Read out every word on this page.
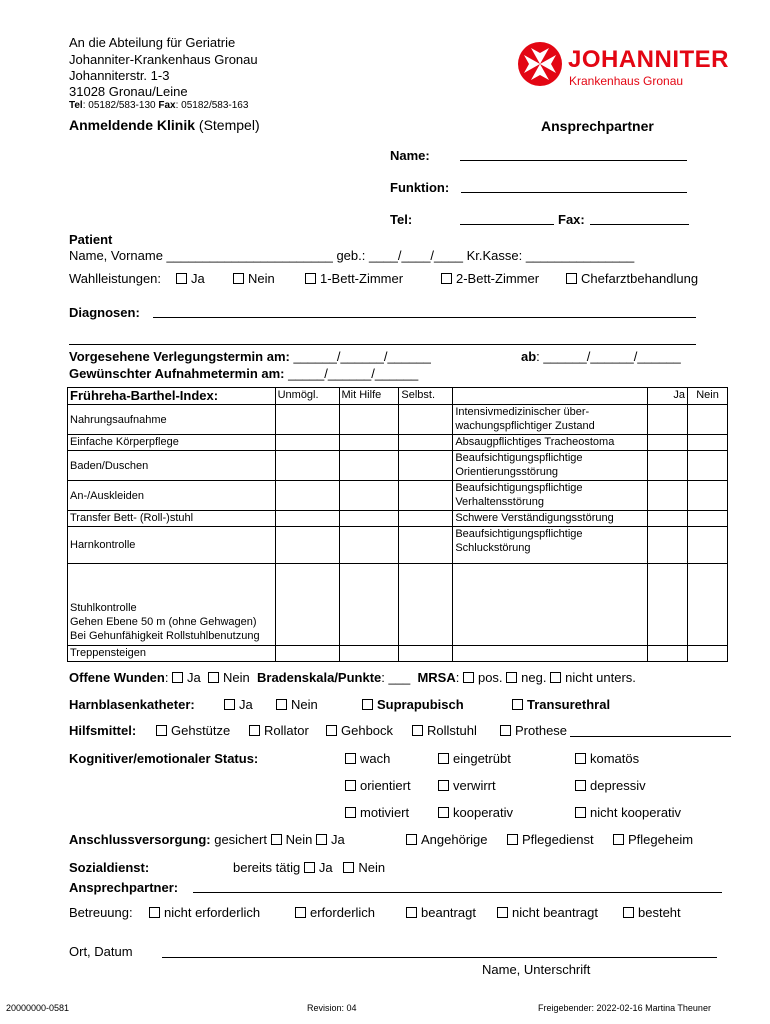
An die Abteilung für Geriatrie
Johanniter-Krankenhaus Gronau
Johanniterstr. 1-3
31028 Gronau/Leine
Tel: 05182/583-130 Fax: 05182/583-163
JOHANNITER
Krankenhaus Gronau
Anmeldende Klinik (Stempel)	Ansprechpartner
Name:
Funktion:
Tel:	Fax:
Patient
Name, Vorname _______________________ geb.: ____/____/____ Kr.Kasse: _______________
Wahlleistungen:	Ja	Nein	1-Bett-Zimmer	2-Bett-Zimmer	Chefarztbehandlung
Diagnosen:
Vorgesehene Verlegungstermin am: ______/______/______	ab: ______/______/______
Gewünschter Aufnahmetermin am: _____/______/______
Frühreha-Barthel-Index:	Unmögl.	Mit Hilfe	Selbst.		Ja	Nein
Nahrungsaufnahme				Intensivmedizinischer über-wachungspflichtiger Zustand		
Einfache Körperpflege				Absaugpflichtiges Tracheostoma		
Baden/Duschen				Beaufsichtigungspflichtige Orientierungsstörung		
An-/Auskleiden				Beaufsichtigungspflichtige Verhaltensstörung		
Transfer Bett- (Roll-)stuhl				Schwere Verständigungsstörung		
Harnkontrolle				Beaufsichtigungspflichtige Schluckstörung		

Stuhlkontrolle
Gehen Ebene 50 m (ohne Gehwagen)
Bei Gehunfähigkeit Rollstuhlbenutzung						

Treppensteigen						
Offene Wunden: Ja Nein Bradenskala/Punkte: ___ MRSA: pos. neg. nicht unters.
Harnblasenkatheter:	Ja	Nein	Suprapubisch	Transurethral
Hilfsmittel:	Gehstütze	Rollator	Gehbock	Rollstuhl	Prothese
Kognitiver/emotionaler Status:	wach	eingetrübt	komatös
orientiert	verwirrt	depressiv
motiviert	kooperativ	nicht kooperativ
Anschlussversorgung: gesichert Nein Ja	Angehörige	Pflegedienst	Pflegeheim
Sozialdienst:	bereits tätig Ja Nein
Ansprechpartner:
Betreuung:	nicht erforderlich	erforderlich	beantragt	nicht beantragt	besteht
Ort, Datum
Name, Unterschrift
20000000-0581	Revision: 04	Freigebender: 2022-02-16 Martina Theuner
